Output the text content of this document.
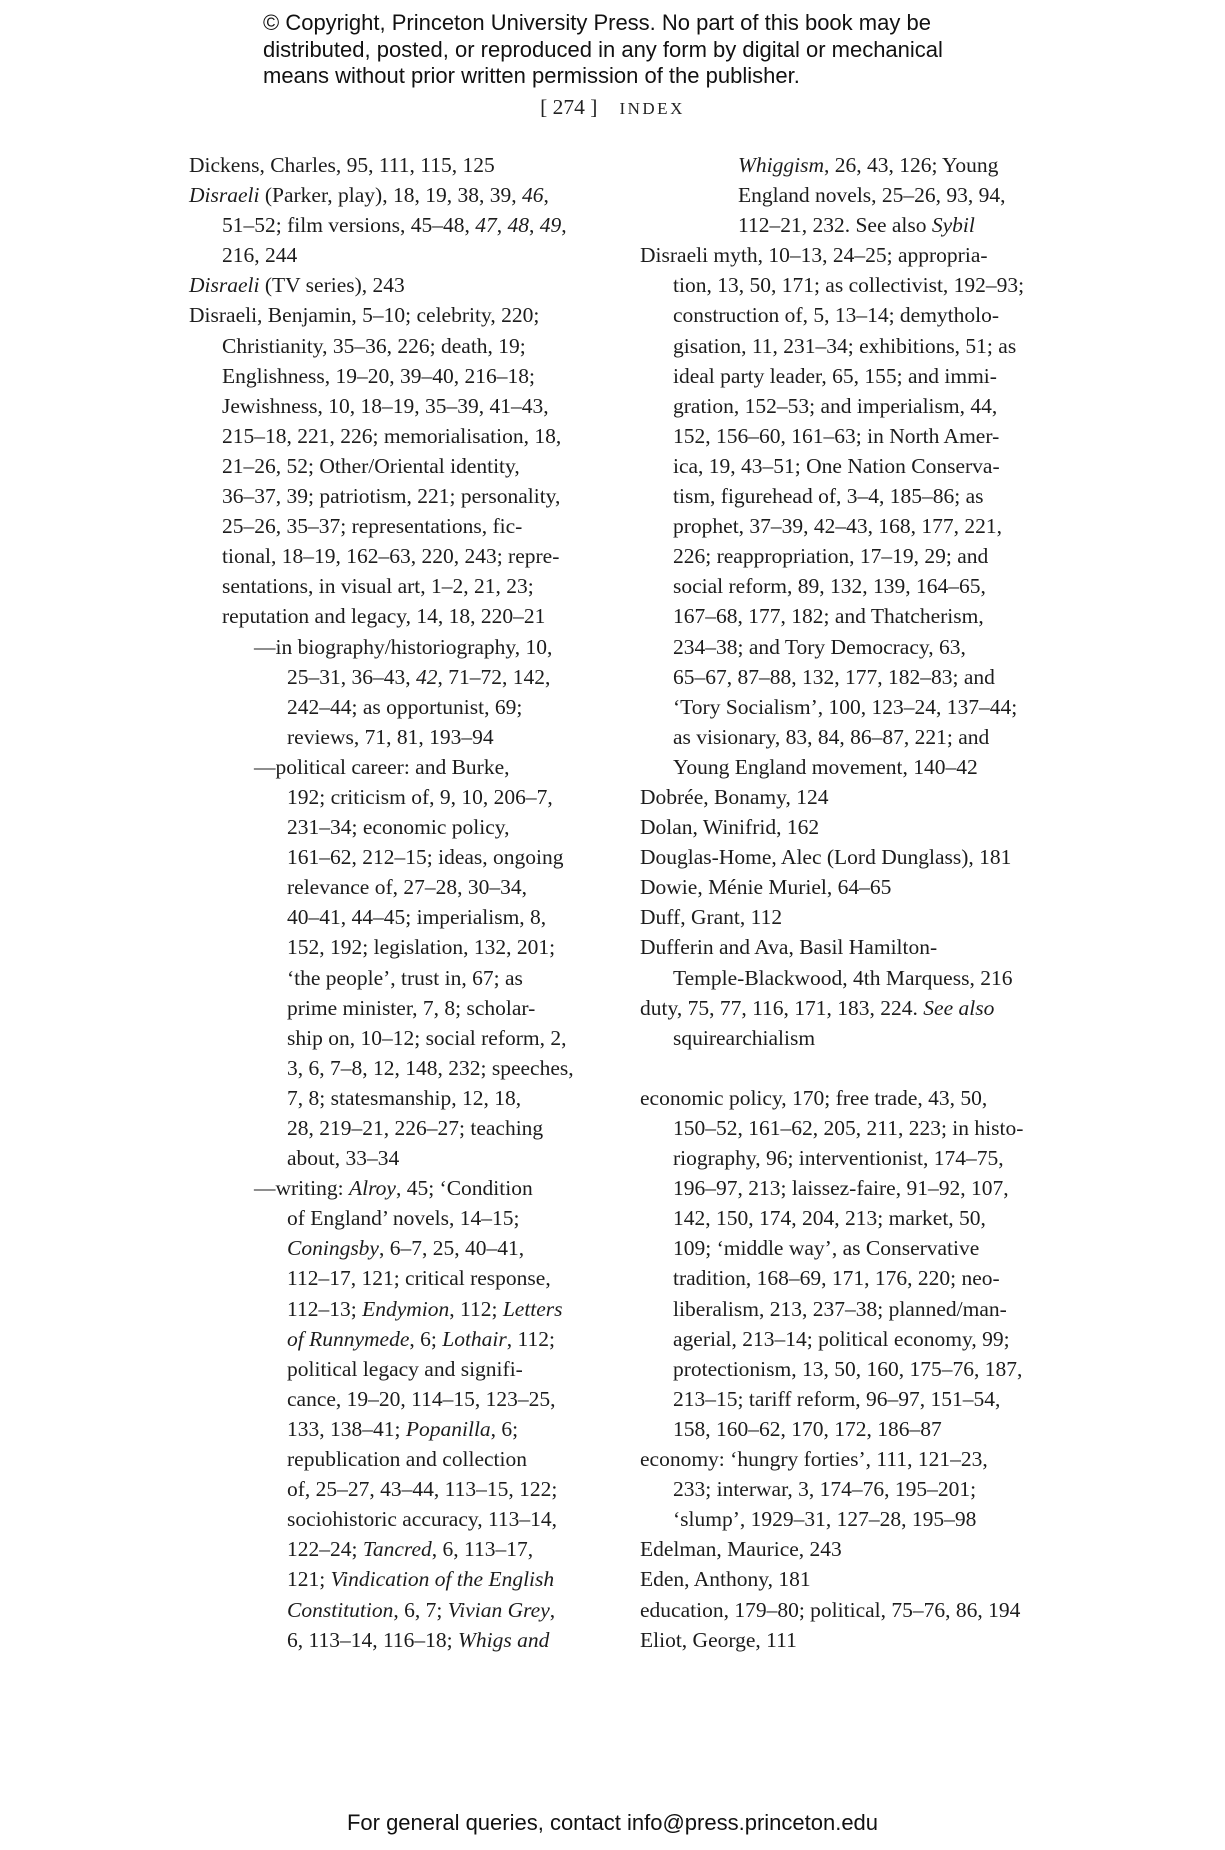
© Copyright, Princeton University Press. No part of this book may be
distributed, posted, or reproduced in any form by digital or mechanical
means without prior written permission of the publisher.
[ 274 ] INDEX
Dickens, Charles, 95, 111, 115, 125
Disraeli (Parker, play), 18, 19, 38, 39, 46,
51–52; film versions, 45–48, 47, 48, 49,
216, 244
Disraeli (TV series), 243
Disraeli, Benjamin, 5–10; celebrity, 220;
Christianity, 35–36, 226; death, 19;
Englishness, 19–20, 39–40, 216–18;
Jewishness, 10, 18–19, 35–39, 41–43,
215–18, 221, 226; memorialisation, 18,
21–26, 52; Other/Oriental identity,
36–37, 39; patriotism, 221; personality,
25–26, 35–37; representations, fic-
tional, 18–19, 162–63, 220, 243; repre-
sentations, in visual art, 1–2, 21, 23;
reputation and legacy, 14, 18, 220–21
—in biography/historiography, 10,
25–31, 36–43, 42, 71–72, 142,
242–44; as opportunist, 69;
reviews, 71, 81, 193–94
—political career: and Burke,
192; criticism of, 9, 10, 206–7,
231–34; economic policy,
161–62, 212–15; ideas, ongoing
relevance of, 27–28, 30–34,
40–41, 44–45; imperialism, 8,
152, 192; legislation, 132, 201;
‘the people’, trust in, 67; as
prime minister, 7, 8; scholar-
ship on, 10–12; social reform, 2,
3, 6, 7–8, 12, 148, 232; speeches,
7, 8; statesmanship, 12, 18,
28, 219–21, 226–27; teaching
about, 33–34
—writing: Alroy, 45; ‘Condition
of England’ novels, 14–15;
Coningsby, 6–7, 25, 40–41,
112–17, 121; critical response,
112–13; Endymion, 112; Letters
of Runnymede, 6; Lothair, 112;
political legacy and signifi-
cance, 19–20, 114–15, 123–25,
133, 138–41; Popanilla, 6;
republication and collection
of, 25–27, 43–44, 113–15, 122;
sociohistoric accuracy, 113–14,
122–24; Tancred, 6, 113–17,
121; Vindication of the English
Constitution, 6, 7; Vivian Grey,
6, 113–14, 116–18; Whigs and
Whiggism, 26, 43, 126; Young
England novels, 25–26, 93, 94,
112–21, 232. See also Sybil
Disraeli myth, 10–13, 24–25; appropria-
tion, 13, 50, 171; as collectivist, 192–93;
construction of, 5, 13–14; demytholo-
gisation, 11, 231–34; exhibitions, 51; as
ideal party leader, 65, 155; and immi-
gration, 152–53; and imperialism, 44,
152, 156–60, 161–63; in North Amer-
ica, 19, 43–51; One Nation Conserva-
tism, figurehead of, 3–4, 185–86; as
prophet, 37–39, 42–43, 168, 177, 221,
226; reappropriation, 17–19, 29; and
social reform, 89, 132, 139, 164–65,
167–68, 177, 182; and Thatcherism,
234–38; and Tory Democracy, 63,
65–67, 87–88, 132, 177, 182–83; and
‘Tory Socialism’, 100, 123–24, 137–44;
as visionary, 83, 84, 86–87, 221; and
Young England movement, 140–42
Dobrée, Bonamy, 124
Dolan, Winifrid, 162
Douglas-Home, Alec (Lord Dunglass), 181
Dowie, Ménie Muriel, 64–65
Duff, Grant, 112
Dufferin and Ava, Basil Hamilton-
Temple-Blackwood, 4th Marquess, 216
duty, 75, 77, 116, 171, 183, 224. See also
squirearchialism
economic policy, 170; free trade, 43, 50,
150–52, 161–62, 205, 211, 223; in histo-
riography, 96; interventionist, 174–75,
196–97, 213; laissez-faire, 91–92, 107,
142, 150, 174, 204, 213; market, 50,
109; ‘middle way’, as Conservative
tradition, 168–69, 171, 176, 220; neo-
liberalism, 213, 237–38; planned/man-
agerial, 213–14; political economy, 99;
protectionism, 13, 50, 160, 175–76, 187,
213–15; tariff reform, 96–97, 151–54,
158, 160–62, 170, 172, 186–87
economy: ‘hungry forties’, 111, 121–23,
233; interwar, 3, 174–76, 195–201;
‘slump’, 1929–31, 127–28, 195–98
Edelman, Maurice, 243
Eden, Anthony, 181
education, 179–80; political, 75–76, 86, 194
Eliot, George, 111
For general queries, contact info@press.princeton.edu
